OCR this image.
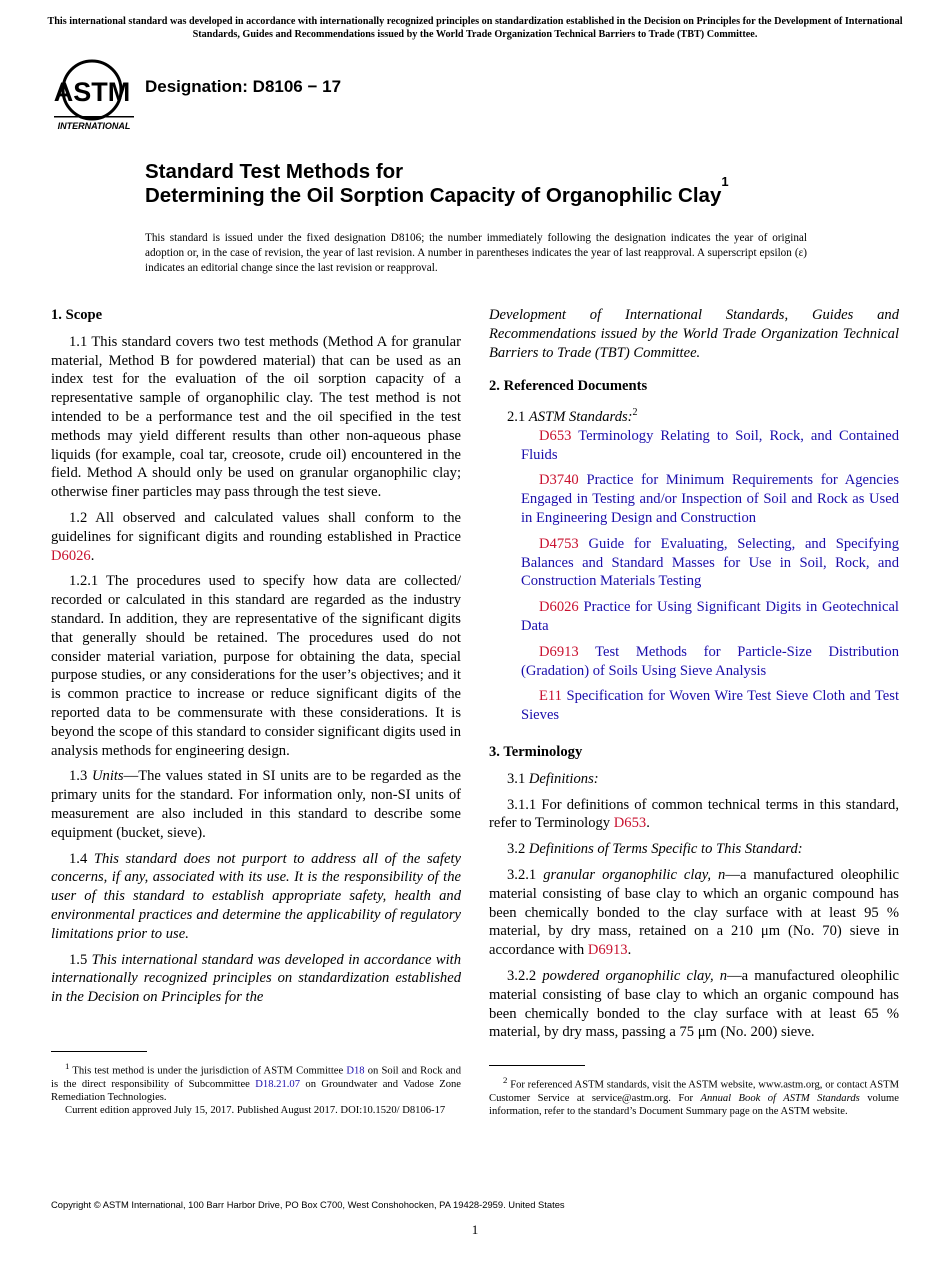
This international standard was developed in accordance with internationally recognized principles on standardization established in the Decision on Principles for the Development of International Standards, Guides and Recommendations issued by the World Trade Organization Technical Barriers to Trade (TBT) Committee.
ASTM
INTERNATIONAL
Designation: D8106 − 17
Standard Test Methods for
Determining the Oil Sorption Capacity of Organophilic Clay$^1$
This standard is issued under the fixed designation D8106; the number immediately following the designation indicates the year of original adoption or, in the case of revision, the year of last revision. A number in parentheses indicates the year of last reapproval. A superscript epsilon (ε) indicates an editorial change since the last revision or reapproval.
1. Scope

1.1 This standard covers two test methods (Method A for granular material, Method B for powdered material) that can be used as an index test for the evaluation of the oil sorption capacity of a representative sample of organophilic clay. The test method is not intended to be a performance test and the oil specified in the test methods may yield different results than other non-aqueous phase liquids (for example, coal tar, creosote, crude oil) encountered in the field. Method A should only be used on granular organophilic clay; otherwise finer particles may pass through the test sieve.

1.2 All observed and calculated values shall conform to the guidelines for significant digits and rounding established in Practice D6026.

1.2.1 The procedures used to specify how data are collected/ recorded or calculated in this standard are regarded as the industry standard. In addition, they are representative of the significant digits that generally should be retained. The procedures used do not consider material variation, purpose for obtaining the data, special purpose studies, or any considerations for the user’s objectives; and it is common practice to increase or reduce significant digits of the reported data to be commensurate with these considerations. It is beyond the scope of this standard to consider significant digits used in analysis methods for engineering design.

1.3 Units—The values stated in SI units are to be regarded as the primary units for the standard. For information only, non-SI units of measurement are also included in this standard to describe some equipment (bucket, sieve).

1.4 This standard does not purport to address all of the safety concerns, if any, associated with its use. It is the responsibility of the user of this standard to establish appropriate safety, health and environmental practices and determine the applicability of regulatory limitations prior to use.

1.5 This international standard was developed in accordance with internationally recognized principles on standardization established in the Decision on Principles for the

Development of International Standards, Guides and Recommendations issued by the World Trade Organization Technical Barriers to Trade (TBT) Committee.

2. Referenced Documents

2.1 ASTM Standards:$^2$

D653 Terminology Relating to Soil, Rock, and Contained Fluids

D3740 Practice for Minimum Requirements for Agencies Engaged in Testing and/or Inspection of Soil and Rock as Used in Engineering Design and Construction

D4753 Guide for Evaluating, Selecting, and Specifying Balances and Standard Masses for Use in Soil, Rock, and Construction Materials Testing

D6026 Practice for Using Significant Digits in Geotechnical Data

D6913 Test Methods for Particle-Size Distribution (Gradation) of Soils Using Sieve Analysis

E11 Specification for Woven Wire Test Sieve Cloth and Test Sieves

3. Terminology

3.1 Definitions:

3.1.1 For definitions of common technical terms in this standard, refer to Terminology D653.

3.2 Definitions of Terms Specific to This Standard:

3.2.1 granular organophilic clay, n—a manufactured oleophilic material consisting of base clay to which an organic compound has been chemically bonded to the clay surface with at least 95 % material, by dry mass, retained on a 210 μm (No. 70) sieve in accordance with D6913.

3.2.2 powdered organophilic clay, n—a manufactured oleophilic material consisting of base clay to which an organic compound has been chemically bonded to the clay surface with at least 65 % material, by dry mass, passing a 75 μm (No. 200) sieve.

$^1$ This test method is under the jurisdiction of ASTM Committee D18 on Soil and Rock and is the direct responsibility of Subcommittee D18.21.07 on Groundwater and Vadose Zone Remediation Technologies.

Current edition approved July 15, 2017. Published August 2017. DOI:10.1520/ D8106-17

$^2$ For referenced ASTM standards, visit the ASTM website, www.astm.org, or contact ASTM Customer Service at service@astm.org. For Annual Book of ASTM Standards volume information, refer to the standard’s Document Summary page on the ASTM website.

Copyright © ASTM International, 100 Barr Harbor Drive, PO Box C700, West Conshohocken, PA 19428-2959. United States
1
